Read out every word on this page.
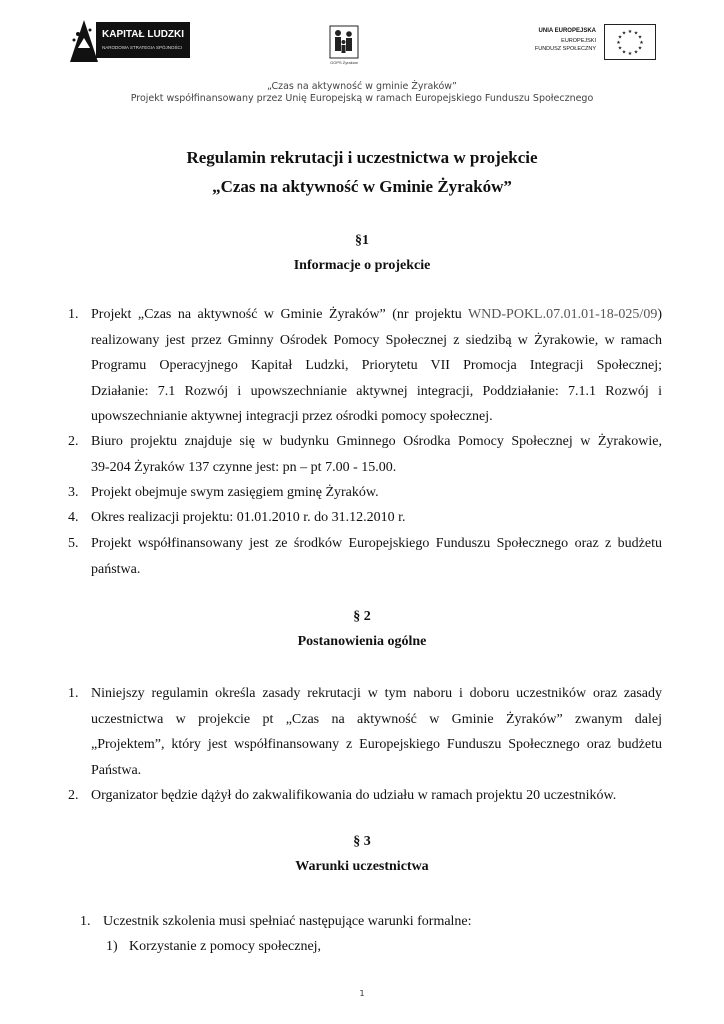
KAPITAŁ LUDZKI
NARODOWA STRATEGIA SPÓJNOŚCI
GOPS Żyraków
UNIA EUROPEJSKA
EUROPEJSKI
FUNDUSZ SPOŁECZNY
★ ★
★
★
★
★
★
★
★
★
★
★
„Czas na aktywność w gminie Żyraków”
Projekt współfinansowany przez Unię Europejską w ramach Europejskiego Funduszu Społecznego
Regulamin rekrutacji i uczestnictwa w projekcie
„Czas na aktywność w Gminie Żyraków”
§1
Informacje o projekcie
1. Projekt „Czas na aktywność w Gminie Żyraków” (nr projektu WND-POKL.07.01.01-18-025/09)
realizowany jest przez Gminny Ośrodek Pomocy Społecznej z siedzibą w Żyrakowie, w ramach
Programu Operacyjnego Kapitał Ludzki, Priorytetu VII Promocja Integracji Społecznej;
Działanie: 7.1 Rozwój i upowszechnianie aktywnej integracji, Poddziałanie: 7.1.1 Rozwój i
upowszechnianie aktywnej integracji przez ośrodki pomocy społecznej.
2. Biuro projektu znajduje się w budynku Gminnego Ośrodka Pomocy Społecznej w Żyrakowie,
39-204 Żyraków 137 czynne jest: pn – pt 7.00 - 15.00.
3. Projekt obejmuje swym zasięgiem gminę Żyraków.
4. Okres realizacji projektu: 01.01.2010 r. do 31.12.2010 r.
5. Projekt współfinansowany jest ze środków Europejskiego Funduszu Społecznego oraz z budżetu
państwa.
§ 2
Postanowienia ogólne
1. Niniejszy regulamin określa zasady rekrutacji w tym naboru i doboru uczestników oraz zasady
uczestnictwa w projekcie pt „Czas na aktywność w Gminie Żyraków” zwanym dalej
„Projektem”, który jest współfinansowany z Europejskiego Funduszu Społecznego oraz budżetu
Państwa.
2. Organizator będzie dążył do zakwalifikowania do udziału w ramach projektu 20 uczestników.
§ 3
Warunki uczestnictwa
1. Uczestnik szkolenia musi spełniać następujące warunki formalne:
1) Korzystanie z pomocy społecznej,
1
